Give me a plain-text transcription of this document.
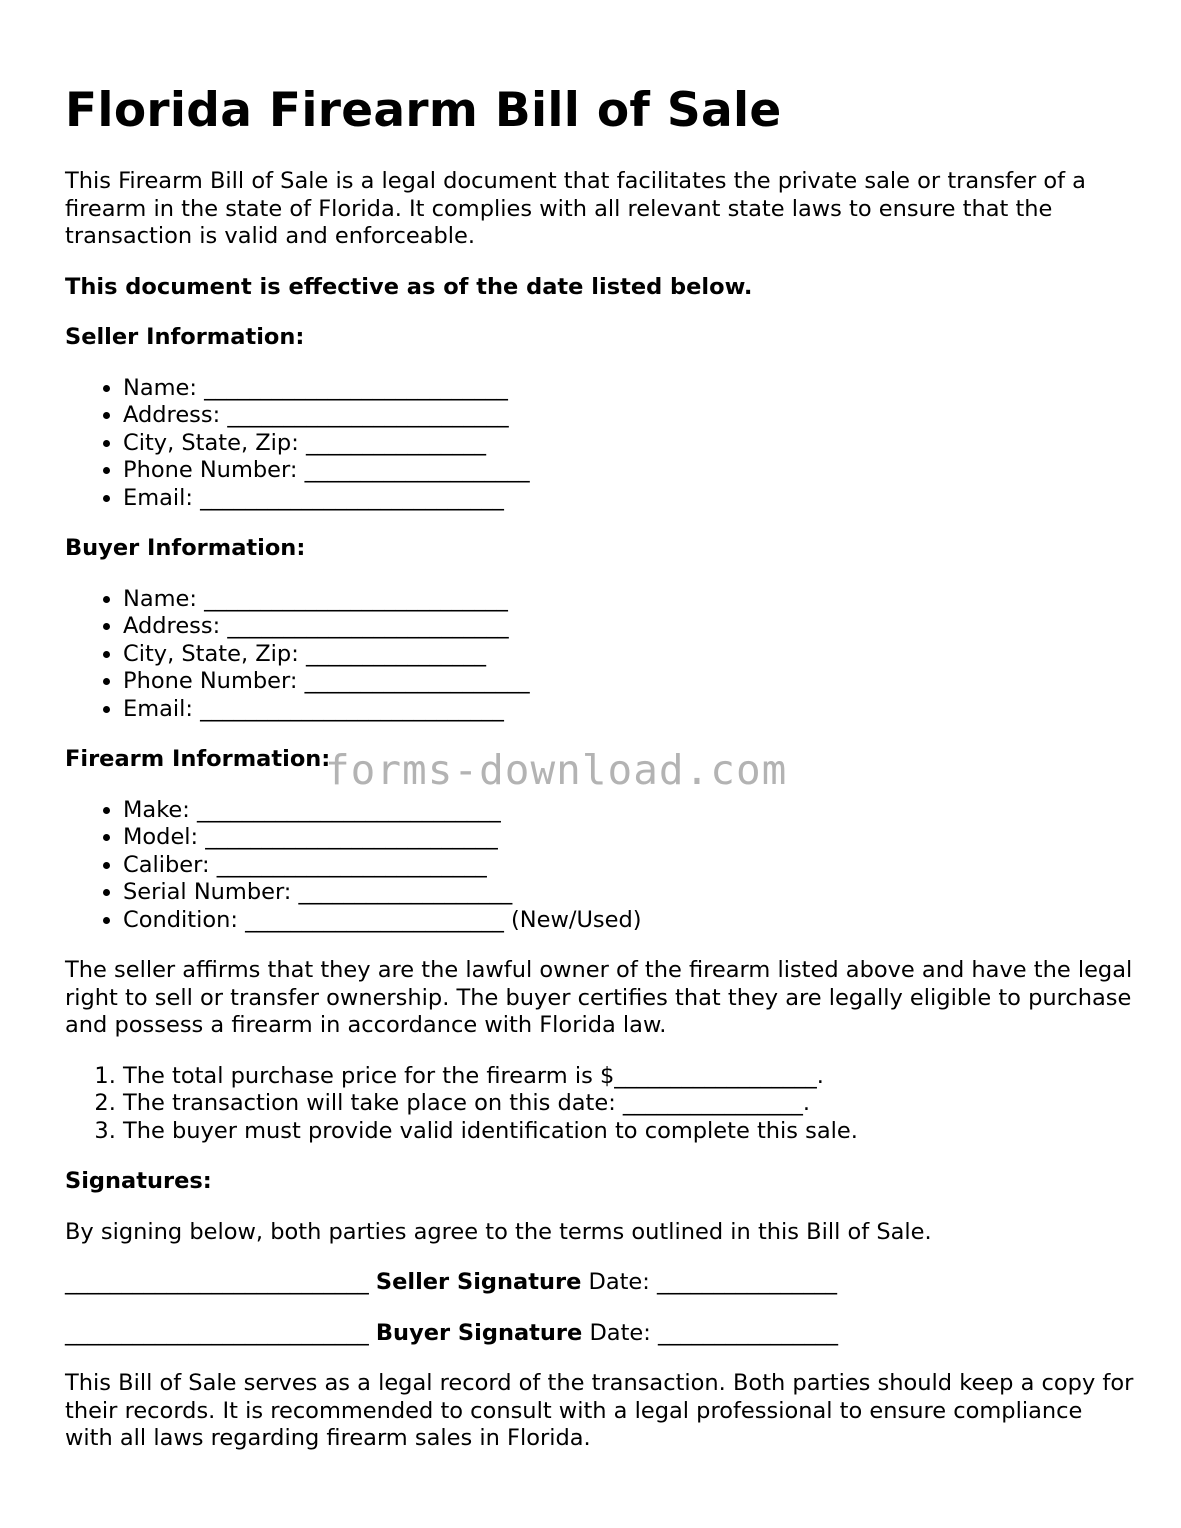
Florida Firearm Bill of Sale

This Firearm Bill of Sale is a legal document that facilitates the private sale or transfer of a firearm in the state of Florida. It complies with all relevant state laws to ensure that the transaction is valid and enforceable.

This document is effective as of the date listed below.

Seller Information:
• Name: ___________________________
• Address: _________________________
• City, State, Zip: ________________
• Phone Number: ____________________
• Email: ___________________________
Buyer Information:
• Name: ___________________________
• Address: _________________________
• City, State, Zip: ________________
• Phone Number: ____________________
• Email: ___________________________
Firearm Information:
• Make: ___________________________
• Model: __________________________
• Caliber: ________________________
• Serial Number: ___________________
• Condition: _______________________ (New/Used)

The seller affirms that they are the lawful owner of the firearm listed above and have the legal right to sell or transfer ownership. The buyer certifies that they are legally eligible to purchase and possess a firearm in accordance with Florida law.

1. The total purchase price for the firearm is $__________________.
2. The transaction will take place on this date: ________________.
3. The buyer must provide valid identification to complete this sale.
Signatures:

By signing below, both parties agree to the terms outlined in this Bill of Sale.

___________________________ Seller Signature Date: ________________
___________________________ Buyer Signature Date: ________________

This Bill of Sale serves as a legal record of the transaction. Both parties should keep a copy for their records. It is recommended to consult with a legal professional to ensure compliance with all laws regarding firearm sales in Florida.

forms-download.com
